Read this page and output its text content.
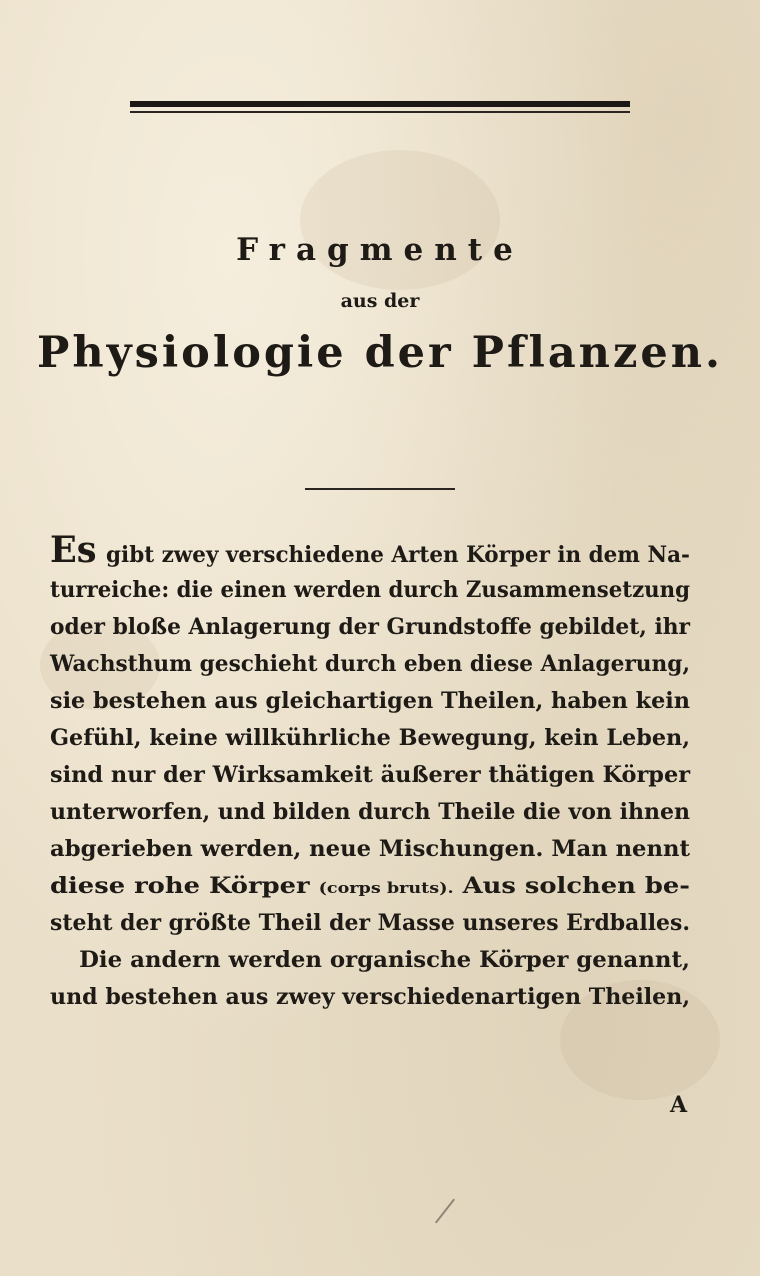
Fragmente
aus der
Physiologie der Pflanzen.
Es gibt zwey verschiedene Arten Körper in dem Na-
turreiche: die einen werden durch Zusammensetzung
oder bloße Anlagerung der Grundstoffe gebildet, ihr
Wachsthum geschieht durch eben diese Anlagerung,
sie bestehen aus gleichartigen Theilen, haben kein
Gefühl, keine willkührliche Bewegung, kein Leben,
sind nur der Wirksamkeit äußerer thätigen Körper
unterworfen, und bilden durch Theile die von ihnen
abgerieben werden, neue Mischungen. Man nennt
diese rohe Körper (corps bruts). Aus solchen be-
steht der größte Theil der Masse unseres Erdballes.
Die andern werden organische Körper genannt,
und bestehen aus zwey verschiedenartigen Theilen,
A
